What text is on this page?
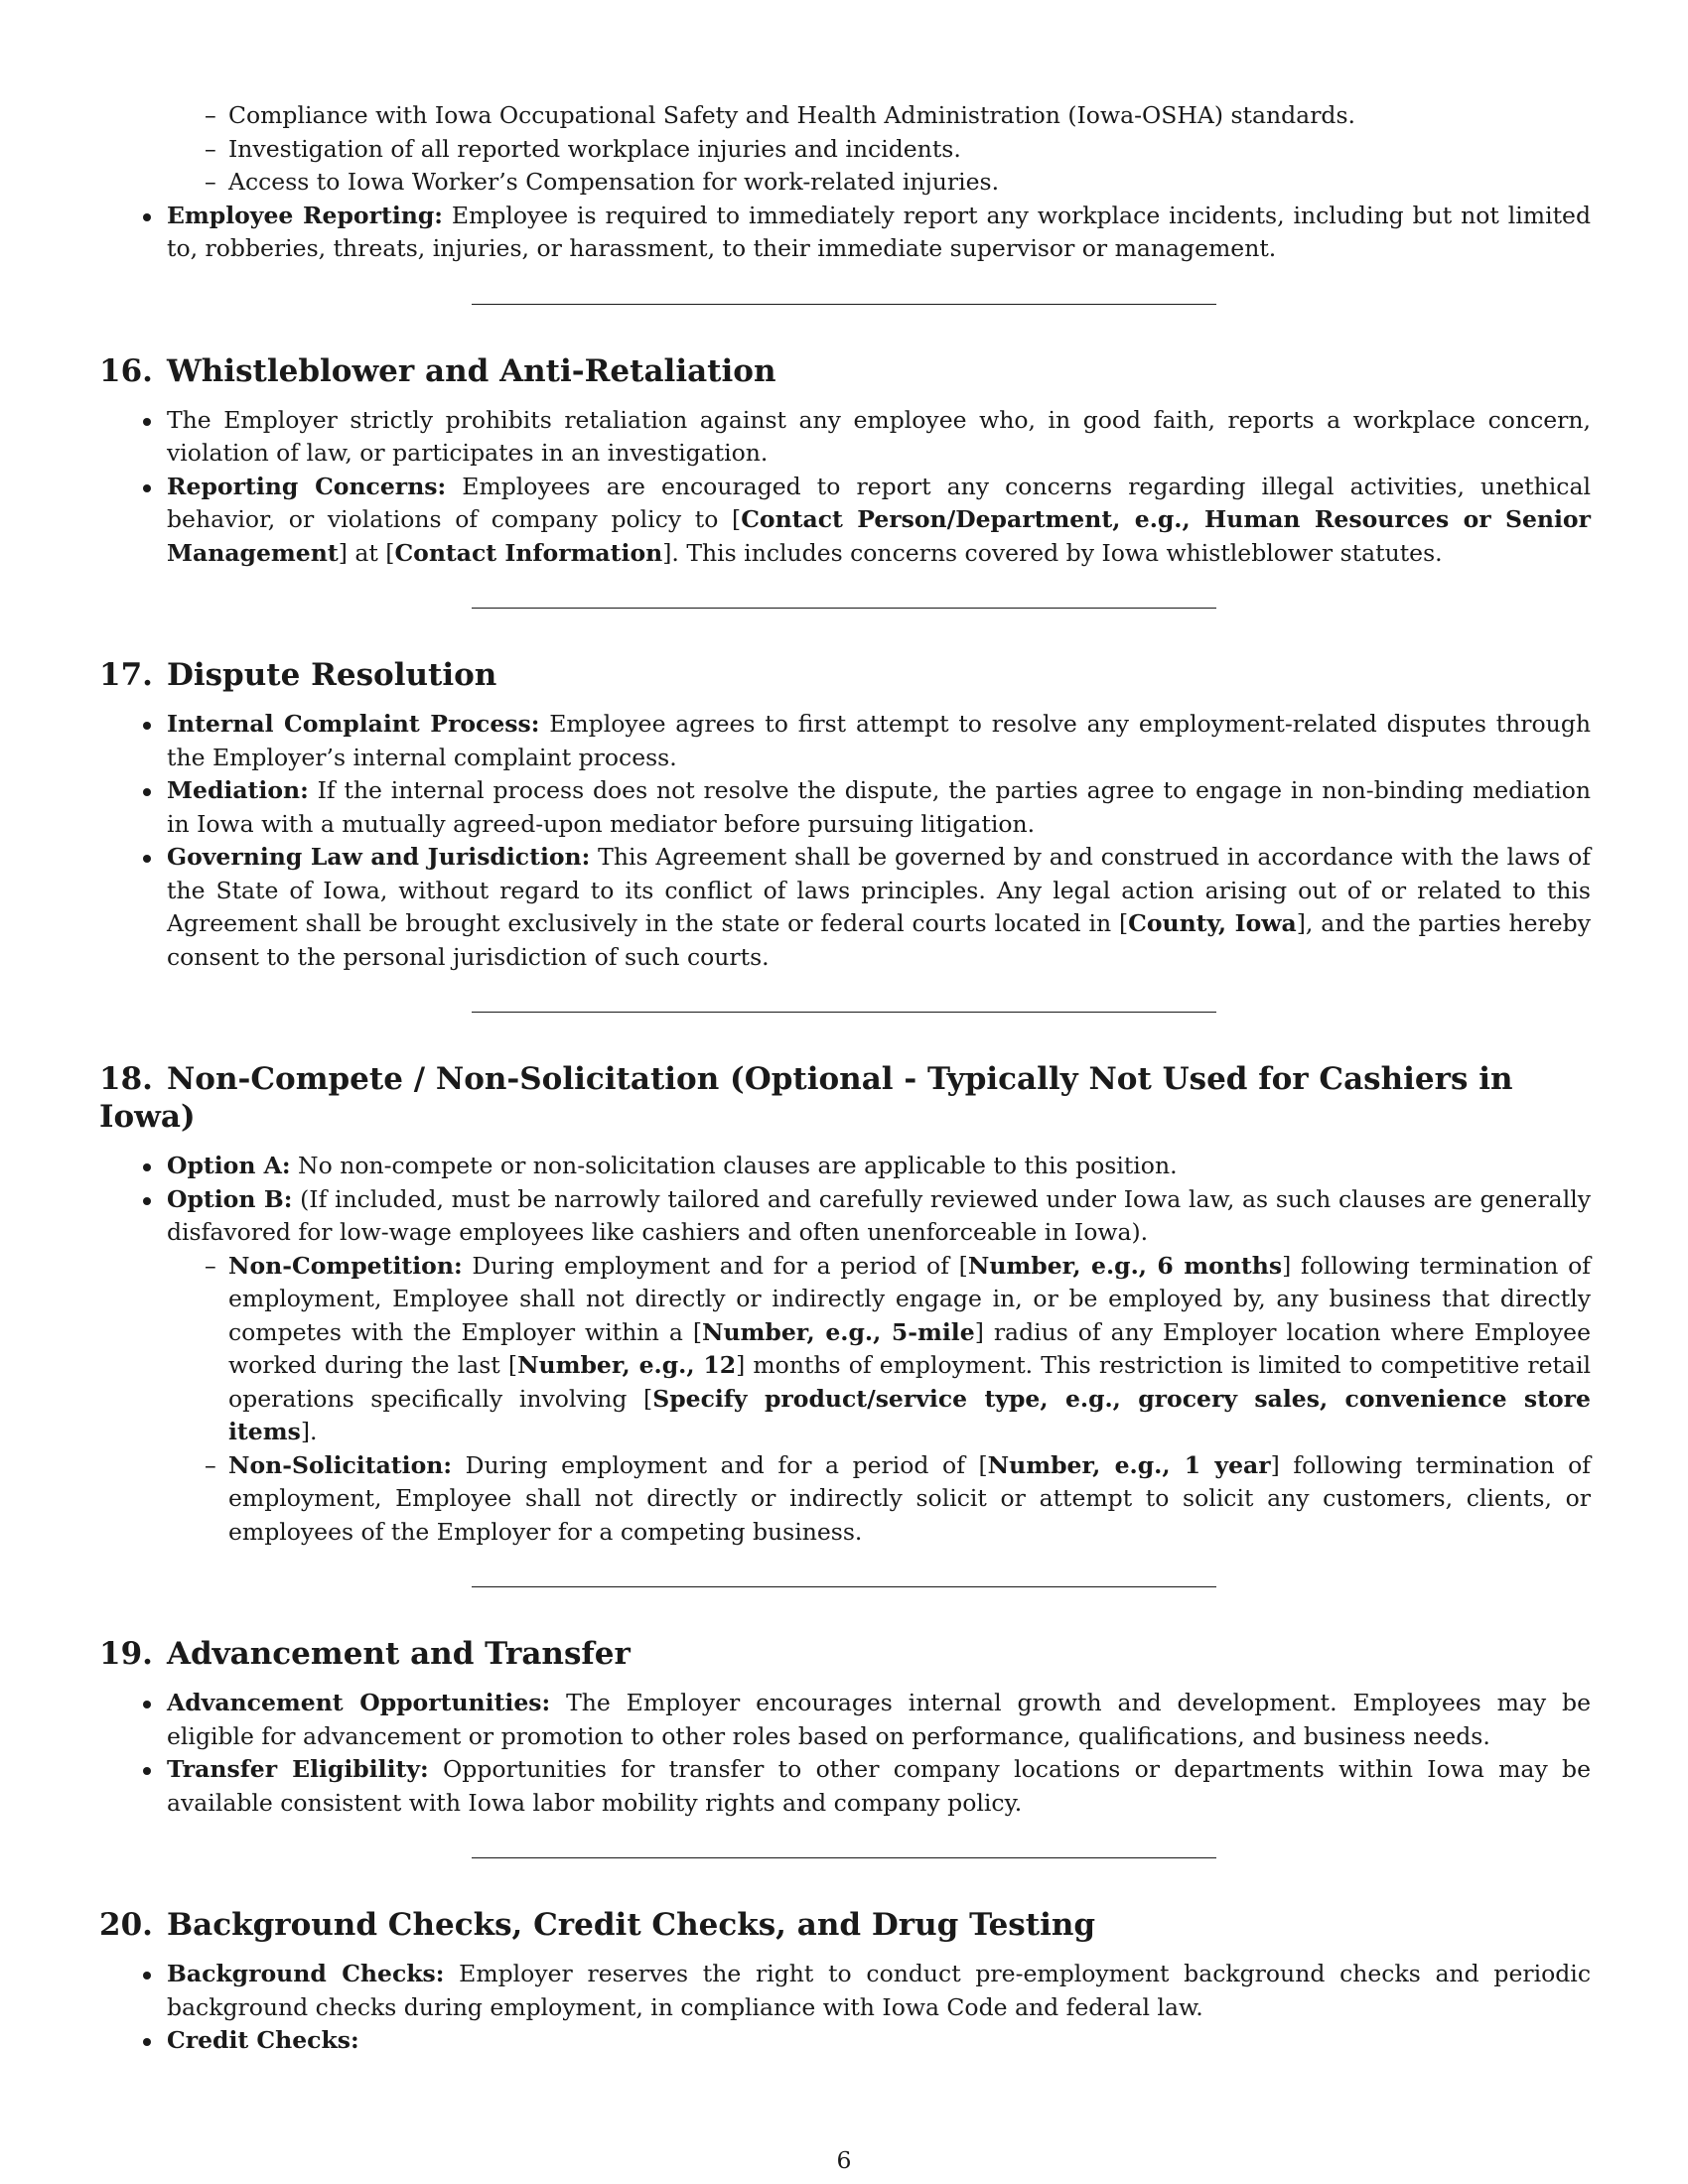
– Compliance with Iowa Occupational Safety and Health Administration (Iowa-OSHA) standards.
– Investigation of all reported workplace injuries and incidents.
– Access to Iowa Worker’s Compensation for work-related injuries.
Employee Reporting: Employee is required to immediately report any workplace incidents, including but not limited to, robberies, threats, injuries, or harassment, to their immediate supervisor or management.
16. Whistleblower and Anti-Retaliation
The Employer strictly prohibits retaliation against any employee who, in good faith, reports a workplace concern, violation of law, or participates in an investigation.
Reporting Concerns: Employees are encouraged to report any concerns regarding illegal activities, unethical behavior, or violations of company policy to [Contact Person/Department, e.g., Human Resources or Senior Management] at [Contact Information]. This includes concerns covered by Iowa whistleblower statutes.
17. Dispute Resolution
Internal Complaint Process: Employee agrees to first attempt to resolve any employment-related disputes through the Employer’s internal complaint process.
Mediation: If the internal process does not resolve the dispute, the parties agree to engage in non-binding mediation in Iowa with a mutually agreed-upon mediator before pursuing litigation.
Governing Law and Jurisdiction: This Agreement shall be governed by and construed in accordance with the laws of the State of Iowa, without regard to its conflict of laws principles. Any legal action arising out of or related to this Agreement shall be brought exclusively in the state or federal courts located in [County, Iowa], and the parties hereby consent to the personal jurisdiction of such courts.
18. Non-Compete / Non-Solicitation (Optional - Typically Not Used for Cashiers in Iowa)
Option A: No non-compete or non-solicitation clauses are applicable to this position.
Option B: (If included, must be narrowly tailored and carefully reviewed under Iowa law, as such clauses are generally disfavored for low-wage employees like cashiers and often unenforceable in Iowa).
– Non-Competition: During employment and for a period of [Number, e.g., 6 months] following termination of employment, Employee shall not directly or indirectly engage in, or be employed by, any business that directly competes with the Employer within a [Number, e.g., 5-mile] radius of any Employer location where Employee worked during the last [Number, e.g., 12] months of employment. This restriction is limited to competitive retail operations specifically involving [Specify product/service type, e.g., grocery sales, convenience store items].
– Non-Solicitation: During employment and for a period of [Number, e.g., 1 year] following termination of employment, Employee shall not directly or indirectly solicit or attempt to solicit any customers, clients, or employees of the Employer for a competing business.
19. Advancement and Transfer
Advancement Opportunities: The Employer encourages internal growth and development. Employees may be eligible for advancement or promotion to other roles based on performance, qualifications, and business needs.
Transfer Eligibility: Opportunities for transfer to other company locations or departments within Iowa may be available consistent with Iowa labor mobility rights and company policy.
20. Background Checks, Credit Checks, and Drug Testing
Background Checks: Employer reserves the right to conduct pre-employment background checks and periodic background checks during employment, in compliance with Iowa Code and federal law.
Credit Checks:
6
